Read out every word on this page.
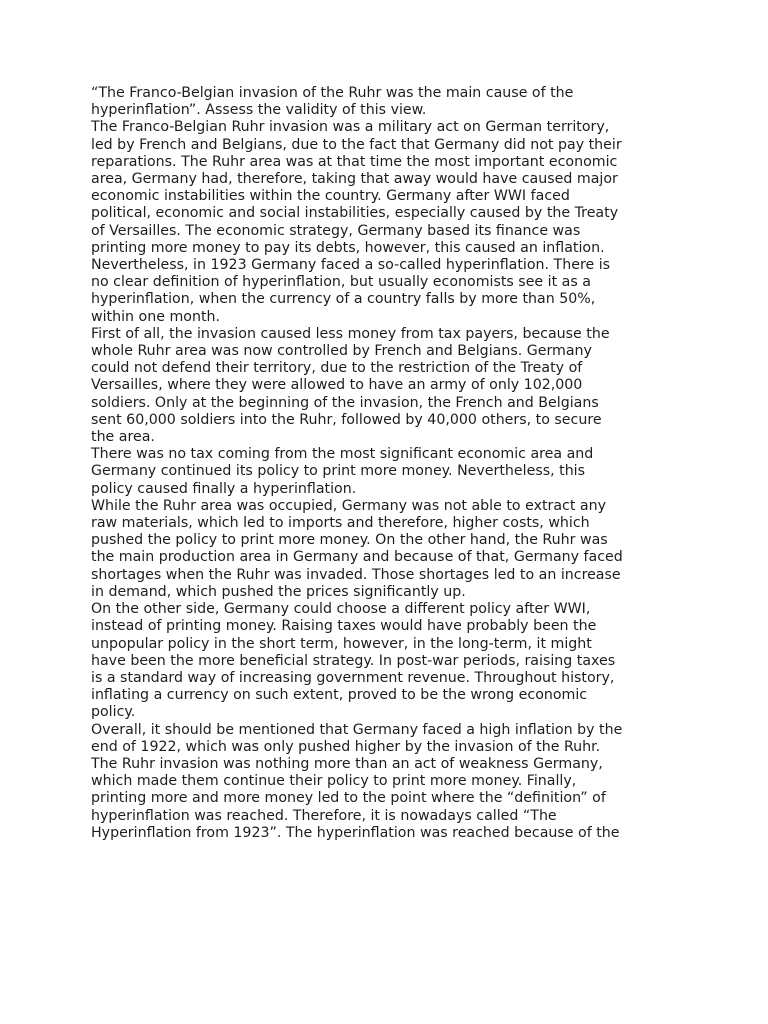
“The Franco-Belgian invasion of the Ruhr was the main cause of the
hyperinflation”. Assess the validity of this view.

The Franco-Belgian Ruhr invasion was a military act on German territory,
led by French and Belgians, due to the fact that Germany did not pay their
reparations. The Ruhr area was at that time the most important economic
area, Germany had, therefore, taking that away would have caused major
economic instabilities within the country. Germany after WWI faced
political, economic and social instabilities, especially caused by the Treaty
of Versailles. The economic strategy, Germany based its finance was
printing more money to pay its debts, however, this caused an inflation.
Nevertheless, in 1923 Germany faced a so-called hyperinflation. There is
no clear definition of hyperinflation, but usually economists see it as a
hyperinflation, when the currency of a country falls by more than 50%,
within one month.

First of all, the invasion caused less money from tax payers, because the
whole Ruhr area was now controlled by French and Belgians. Germany
could not defend their territory, due to the restriction of the Treaty of
Versailles, where they were allowed to have an army of only 102,000
soldiers. Only at the beginning of the invasion, the French and Belgians
sent 60,000 soldiers into the Ruhr, followed by 40,000 others, to secure
the area.

There was no tax coming from the most significant economic area and
Germany continued its policy to print more money. Nevertheless, this
policy caused finally a hyperinflation.

While the Ruhr area was occupied, Germany was not able to extract any
raw materials, which led to imports and therefore, higher costs, which
pushed the policy to print more money. On the other hand, the Ruhr was
the main production area in Germany and because of that, Germany faced
shortages when the Ruhr was invaded. Those shortages led to an increase
in demand, which pushed the prices significantly up.

On the other side, Germany could choose a different policy after WWI,
instead of printing money. Raising taxes would have probably been the
unpopular policy in the short term, however, in the long-term, it might
have been the more beneficial strategy. In post-war periods, raising taxes
is a standard way of increasing government revenue. Throughout history,
inflating a currency on such extent, proved to be the wrong economic
policy.

Overall, it should be mentioned that Germany faced a high inflation by the
end of 1922, which was only pushed higher by the invasion of the Ruhr.
The Ruhr invasion was nothing more than an act of weakness Germany,
which made them continue their policy to print more money. Finally,
printing more and more money led to the point where the “definition” of
hyperinflation was reached. Therefore, it is nowadays called “The
Hyperinflation from 1923”. The hyperinflation was reached because of the
